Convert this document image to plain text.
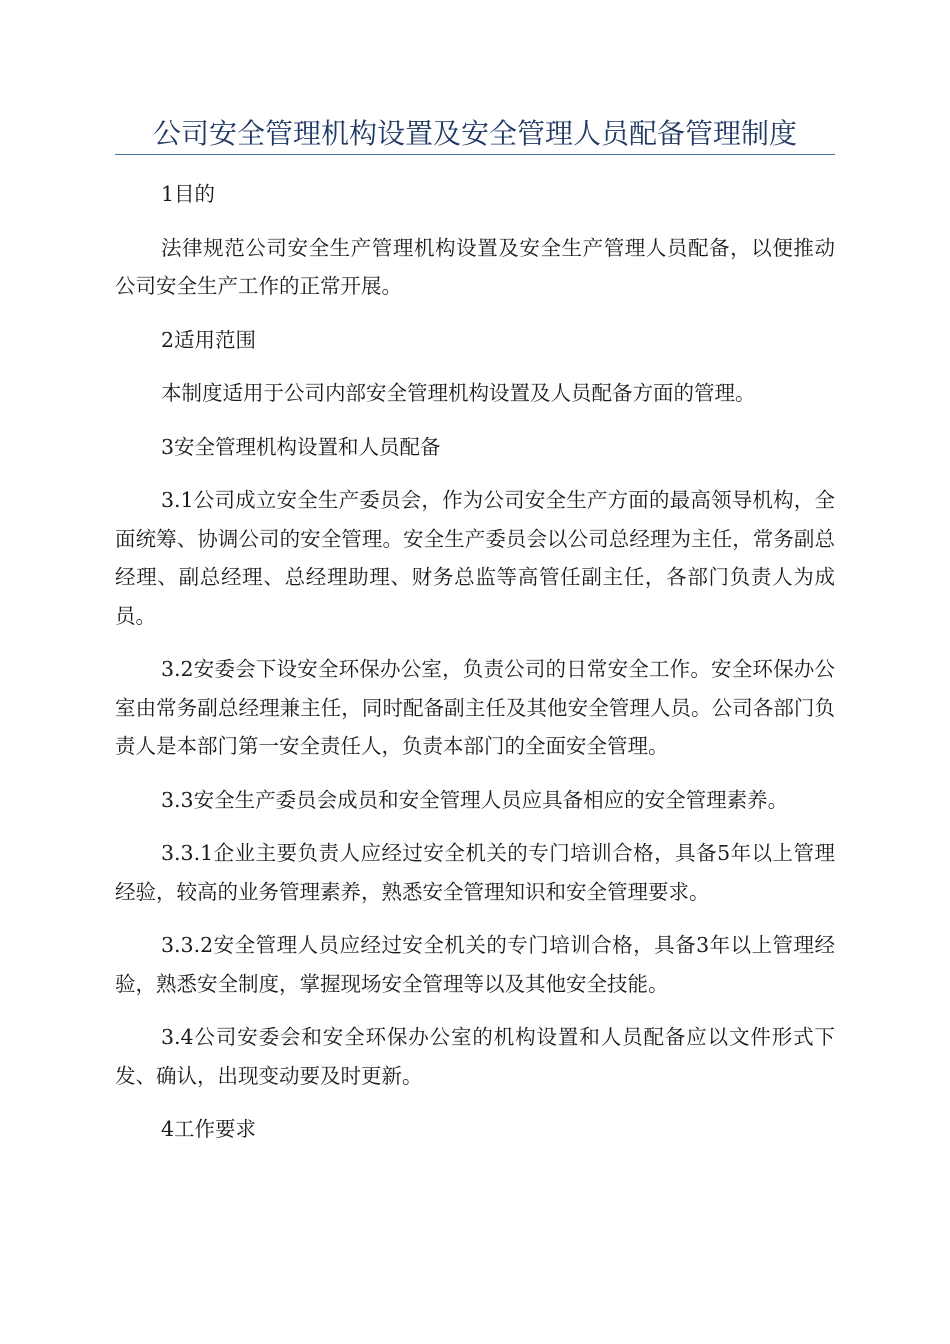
公司安全管理机构设置及安全管理人员配备管理制度

1目的

法律规范公司安全生产管理机构设置及安全生产管理人员配备，以便推动公司安全生产工作的正常开展。

2适用范围

本制度适用于公司内部安全管理机构设置及人员配备方面的管理。

3安全管理机构设置和人员配备

3.1公司成立安全生产委员会，作为公司安全生产方面的最高领导机构，全面统筹、协调公司的安全管理。安全生产委员会以公司总经理为主任，常务副总经理、副总经理、总经理助理、财务总监等高管任副主任，各部门负责人为成员。

3.2安委会下设安全环保办公室，负责公司的日常安全工作。安全环保办公室由常务副总经理兼主任，同时配备副主任及其他安全管理人员。公司各部门负责人是本部门第一安全责任人，负责本部门的全面安全管理。

3.3安全生产委员会成员和安全管理人员应具备相应的安全管理素养。

3.3.1企业主要负责人应经过安全机关的专门培训合格，具备5年以上管理经验，较高的业务管理素养，熟悉安全管理知识和安全管理要求。

3.3.2安全管理人员应经过安全机关的专门培训合格，具备3年以上管理经验，熟悉安全制度，掌握现场安全管理等以及其他安全技能。

3.4公司安委会和安全环保办公室的机构设置和人员配备应以文件形式下发、确认，出现变动要及时更新。

4工作要求
